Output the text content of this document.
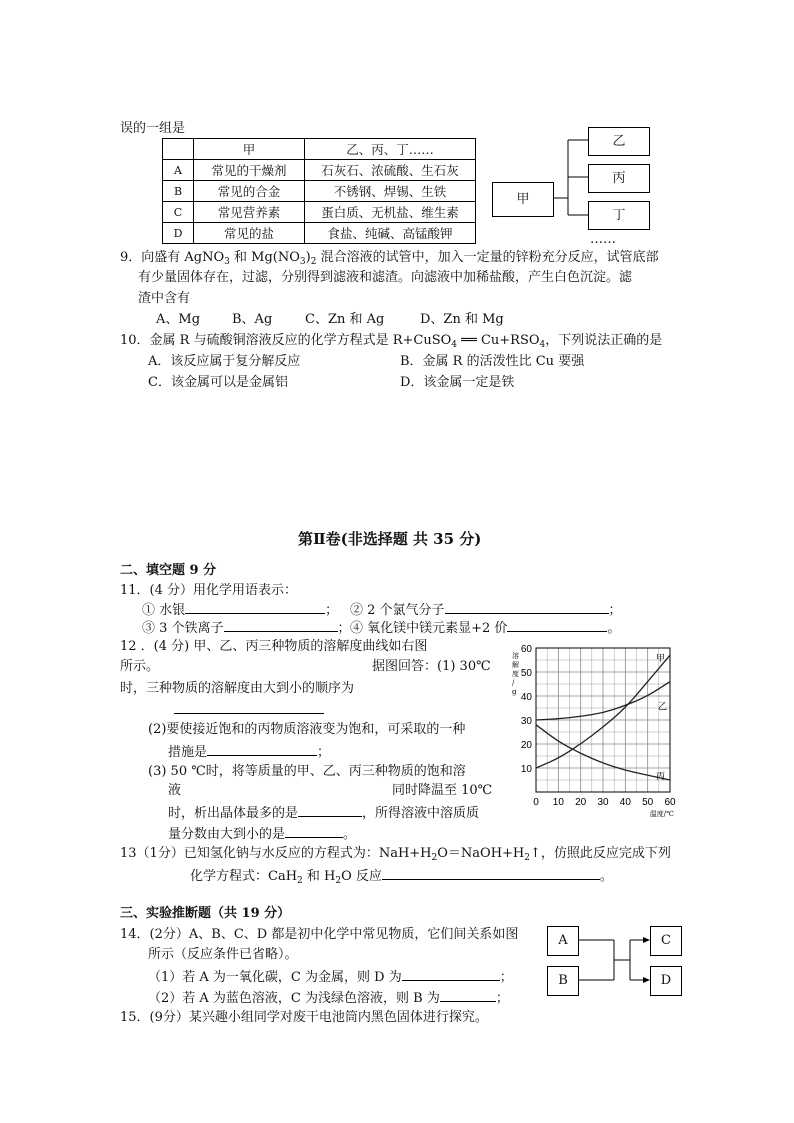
误的一组是
	甲	乙、丙、丁……
A	常见的干燥剂	石灰石、浓硫酸、生石灰
B	常见的合金	不锈钢、焊锡、生铁
C	常见营养素	蛋白质、无机盐、维生素
D	常见的盐	食盐、纯碱、高锰酸钾
甲
乙
丙
丁
……
9．向盛有 AgNO$_3$ 和 $Mg(NO_3)_2$ 混合溶液的试管中，加入一定量的锌粉充分反应，试管底部
有少量固体存在，过滤，分别得到滤液和滤渣。向滤液中加稀盐酸，产生白色沉淀。滤
渣中含有
A、Mg B、Ag	C、Zn 和 Ag	D、Zn 和 Mg
10．金属 R 与硫酸铜溶液反应的化学方程式是 R+CuSO$_4$ ══ $Cu+RSO_4$，下列说法正确的是
A．该反应属于复分解反应	B．金属 R 的活泼性比 Cu 要强
C．该金属可以是金属铝	D．该金属一定是铁
第Ⅱ卷(非选择题 共 35 分)
二、填空题 9 分
11．(4 分）用化学用语表示：
① 水银	； ② 2 个氯气分子	；
③ 3 个铁离子	； ④ 氧化镁中镁元素显+2 价	。
12 ．(4 分) 甲、乙、丙三种物质的溶解度曲线如右图
所示。	据图回答：(1) 30℃
时，三种物质的溶解度由大到小的顺序为
(2)要使接近饱和的丙物质溶液变为饱和，可采取的一种
措施是	；
(3) 50 ℃时，将等质量的甲、乙、丙三种物质的饱和溶
液	同时降温至 10℃
时，析出晶体最多的是	，所得溶液中溶质质
量分数由大到小的是	。
0 10 20 30 40 50 60
10
20
30
40
50
60
溶解度/ g
温度/℃
甲
乙
丙
13（1分）已知氢化钠与水反应的方程式为：$NaH+H_2O=NaOH+H_2↑$，仿照此反应完成下列
化学方程式：CaH$_2$ 和 $H_2O$ 反应	。
三、实验推断题（共 19 分）
14．(2分）A、B、C、D 都是初中化学中常见物质，它们间关系如图
所示（反应条件已省略）。
（1）若 A 为一氧化碳，C 为金属，则 D 为	；
（2）若 A 为蓝色溶液，C 为浅绿色溶液，则 B 为	；
A
B
C
D
15．(9分）某兴趣小组同学对废干电池筒内黑色固体进行探究。
